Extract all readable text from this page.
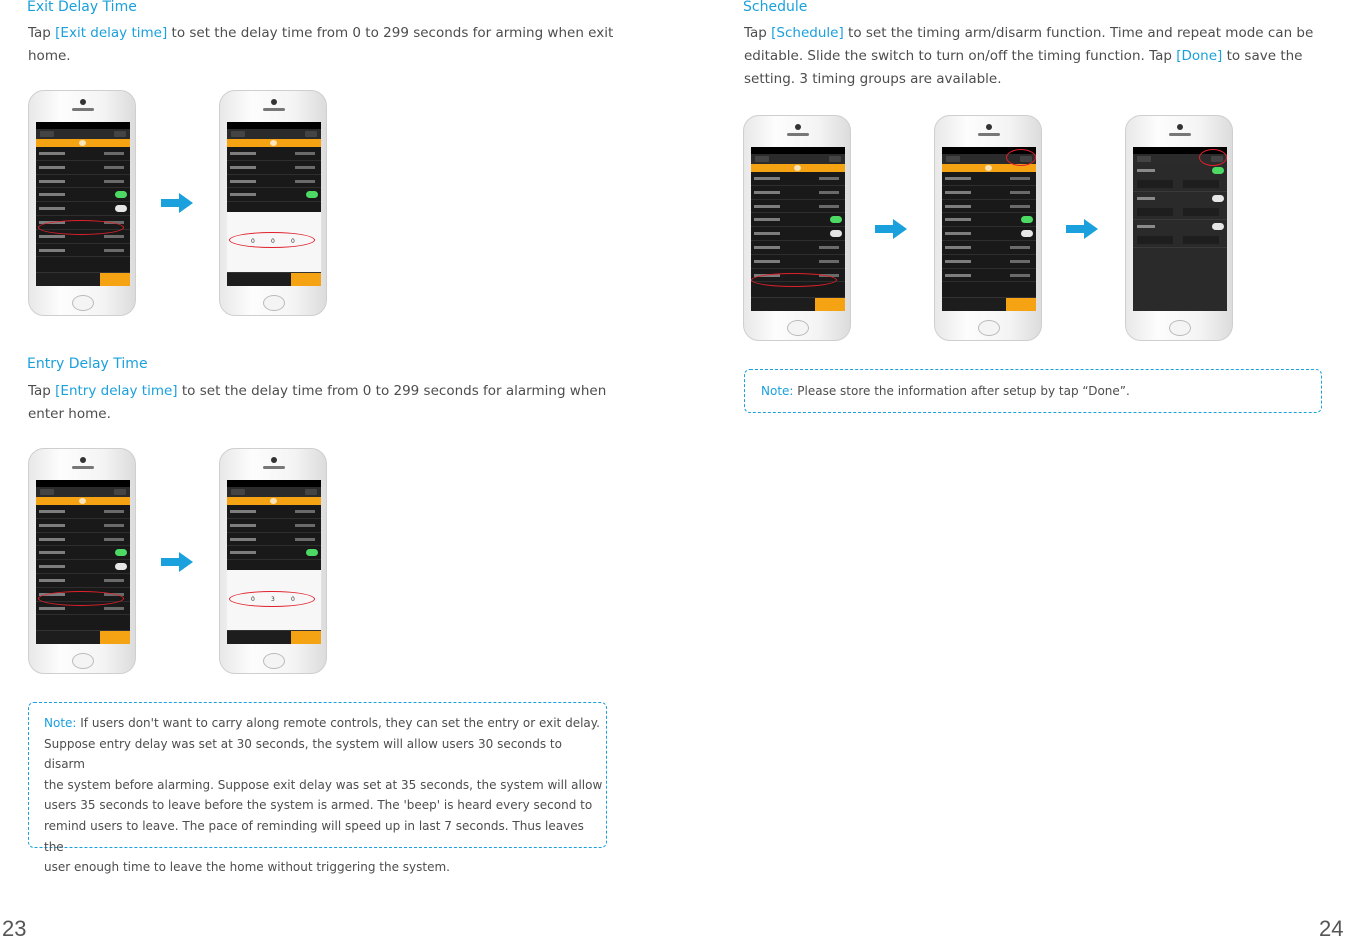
Exit Delay Time
Tap [Exit delay time] to set the delay time from 0 to 299 seconds for arming when exit
home.
0	0	0
Entry Delay Time
Tap [Entry delay time] to set the delay time from 0 to 299 seconds for alarming when
enter home.
0	3	0
Note: If users don't want to carry along remote controls, they can set the entry or exit delay.
Suppose entry delay was set at 30 seconds, the system will allow users 30 seconds to disarm
the system before alarming. Suppose exit delay was set at 35 seconds, the system will allow
users 35 seconds to leave before the system is armed. The 'beep' is heard every second to
remind users to leave. The pace of reminding will speed up in last 7 seconds. Thus leaves the
user enough time to leave the home without triggering the system.
23
Schedule
Tap [Schedule] to set the timing arm/disarm function. Time and repeat mode can be
editable. Slide the switch to turn on/off the timing function. Tap [Done] to save the
setting. 3 timing groups are available.
Note: Please store the information after setup by tap “Done”.
24
